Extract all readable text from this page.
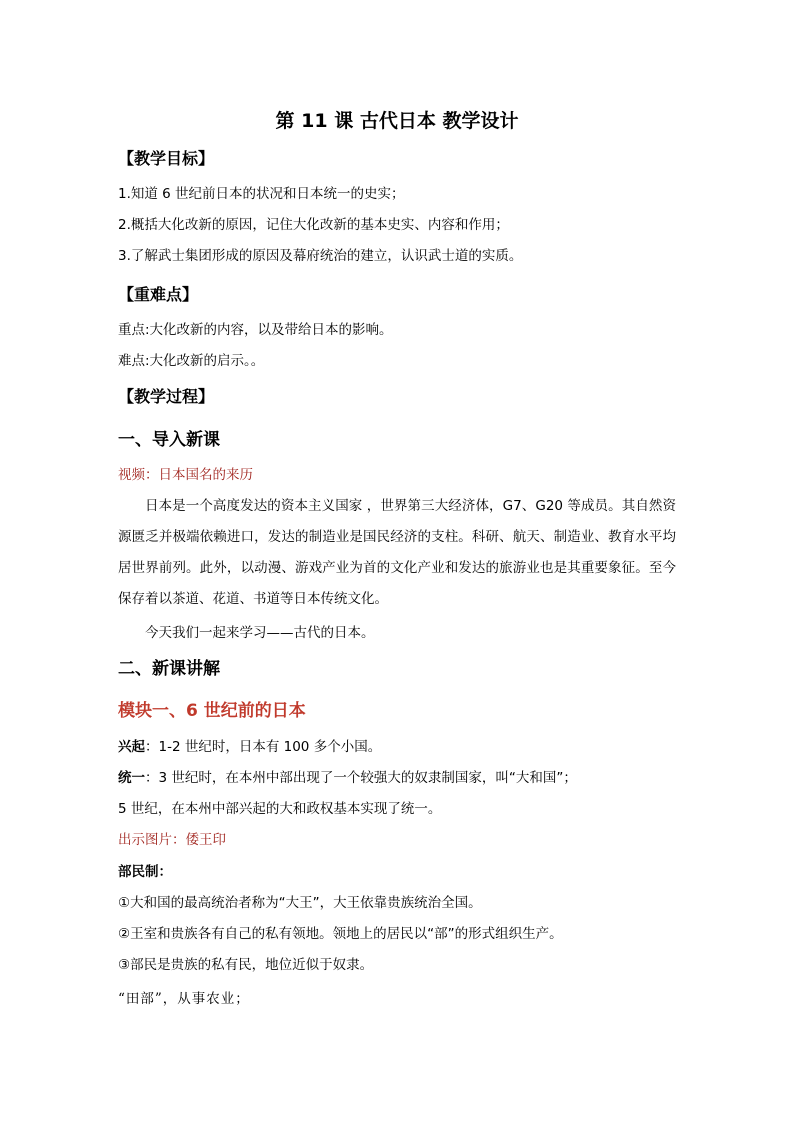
第 11 课 古代日本 教学设计
【教学目标】
1.知道 6 世纪前日本的状况和日本统一的史实；
2.概括大化改新的原因，记住大化改新的基本史实、内容和作用；
3.了解武士集团形成的原因及幕府统治的建立，认识武士道的实质。
【重难点】
重点:大化改新的内容，以及带给日本的影响。
难点:大化改新的启示。。
【教学过程】
一、导入新课
视频：日本国名的来历
日本是一个高度发达的资本主义国家 ，世界第三大经济体，G7、G20 等成员。其自然资源匮乏并极端依赖进口，发达的制造业是国民经济的支柱。科研、航天、制造业、教育水平均居世界前列。此外，以动漫、游戏产业为首的文化产业和发达的旅游业也是其重要象征。至今保存着以茶道、花道、书道等日本传统文化。
今天我们一起来学习——古代的日本。
二、新课讲解
模块一、6 世纪前的日本
兴起：1-2 世纪时，日本有 100 多个小国。
统一：3 世纪时，在本州中部出现了一个较强大的奴隶制国家，叫“大和国”；
5 世纪，在本州中部兴起的大和政权基本实现了统一。
出示图片：倭王印
部民制：
①大和国的最高统治者称为“大王”，大王依靠贵族统治全国。
②王室和贵族各有自己的私有领地。领地上的居民以“部”的形式组织生产。
③部民是贵族的私有民，地位近似于奴隶。
“田部”，从事农业；
